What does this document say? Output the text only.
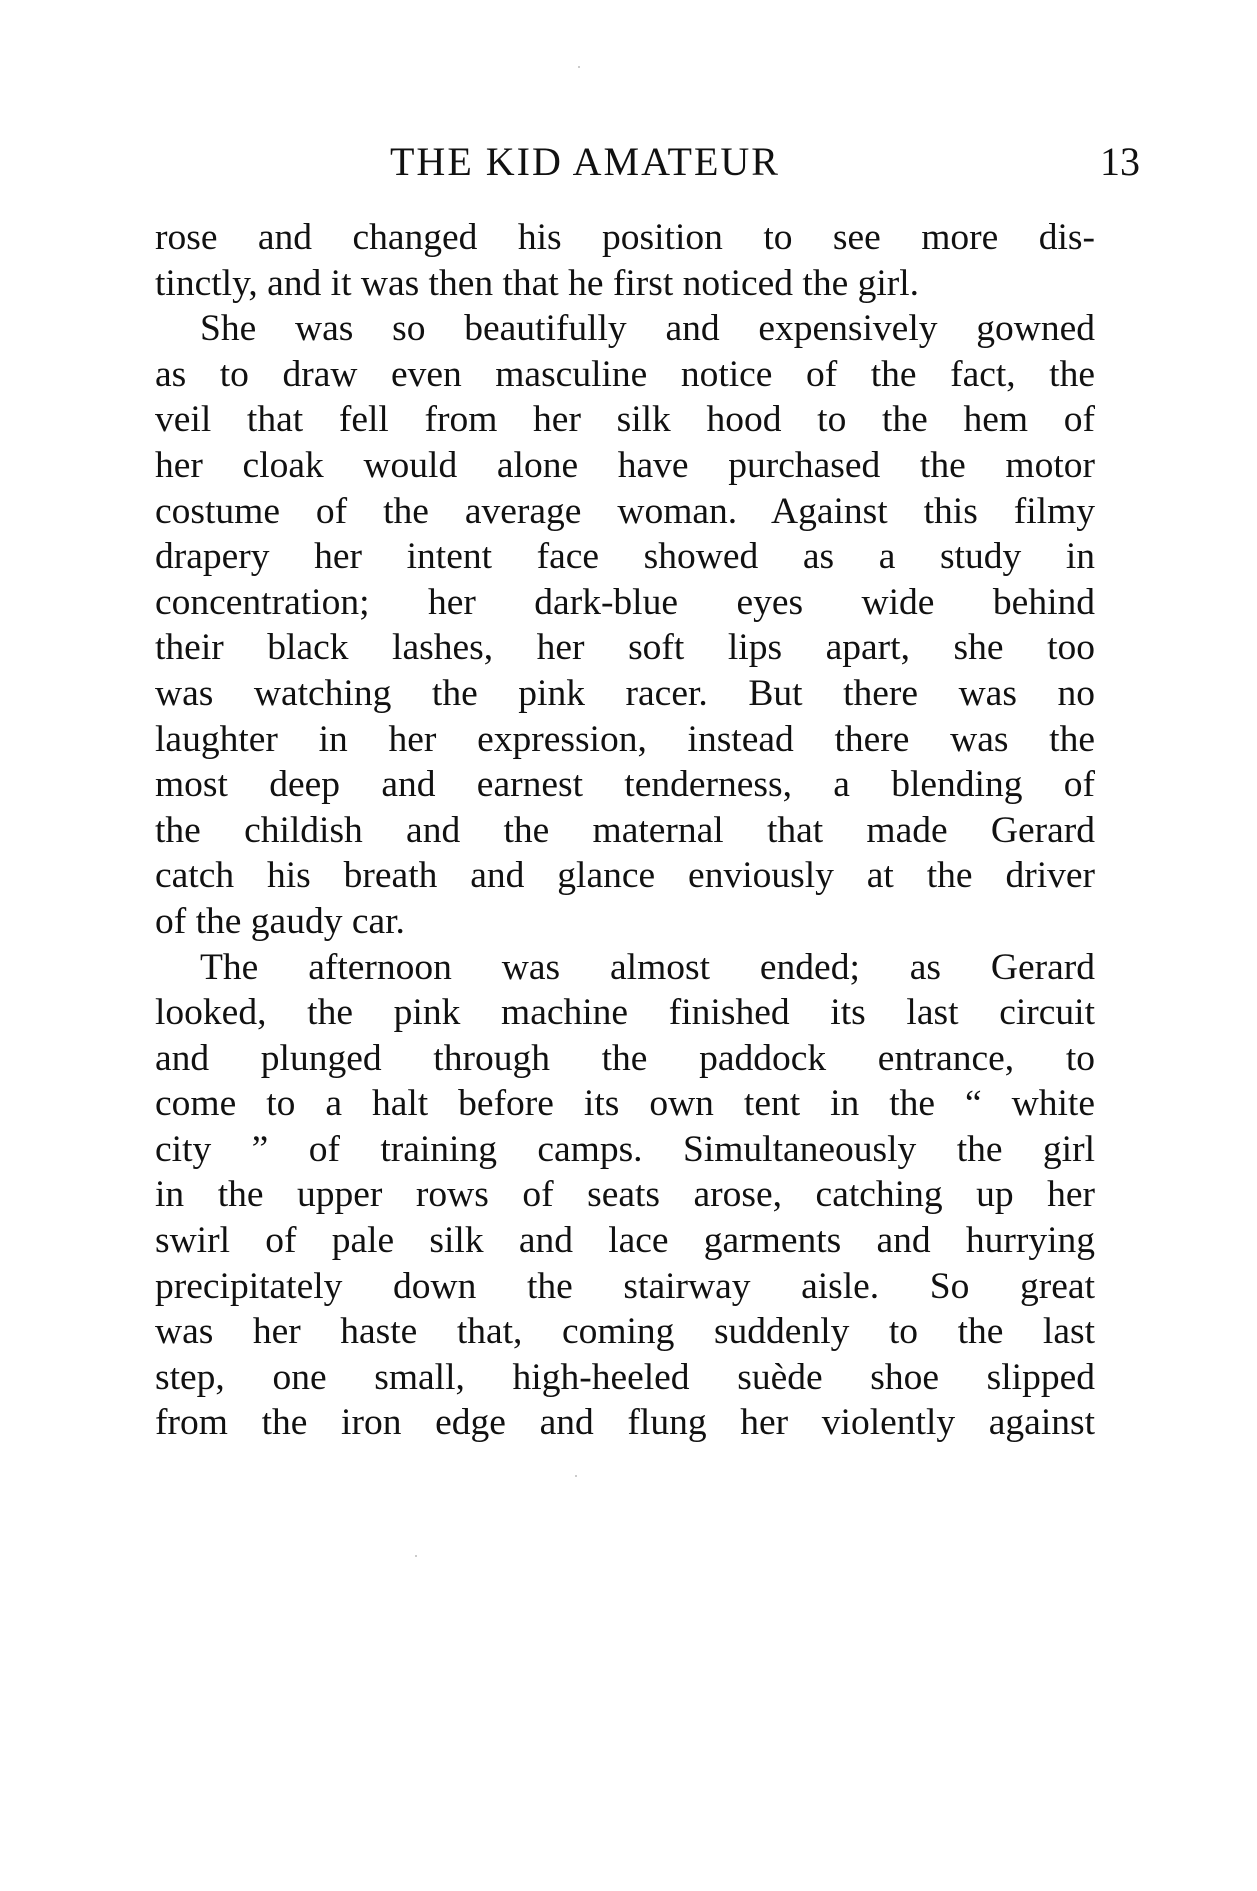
THE KID AMATEUR	13
rose and changed his position to see more dis-
tinctly, and it was then that he first noticed the girl.
She was so beautifully and expensively gowned
as to draw even masculine notice of the fact, the
veil that fell from her silk hood to the hem of
her cloak would alone have purchased the motor
costume of the average woman. Against this filmy
drapery her intent face showed as a study in
concentration; her dark-blue eyes wide behind
their black lashes, her soft lips apart, she too
was watching the pink racer. But there was no
laughter in her expression, instead there was the
most deep and earnest tenderness, a blending of
the childish and the maternal that made Gerard
catch his breath and glance enviously at the driver
of the gaudy car.
The afternoon was almost ended; as Gerard
looked, the pink machine finished its last circuit
and plunged through the paddock entrance, to
come to a halt before its own tent in the “ white
city ” of training camps. Simultaneously the girl
in the upper rows of seats arose, catching up her
swirl of pale silk and lace garments and hurrying
precipitately down the stairway aisle. So great
was her haste that, coming suddenly to the last
step, one small, high-heeled suède shoe slipped
from the iron edge and flung her violently against
